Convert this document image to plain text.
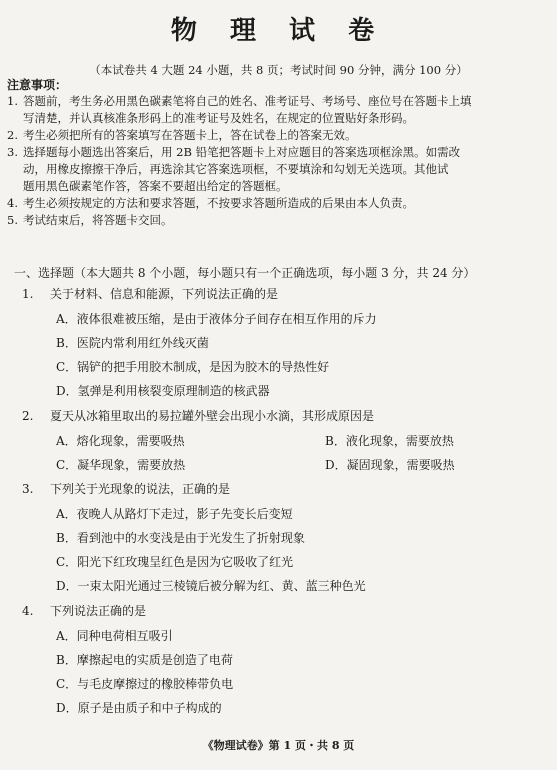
物 理 试 卷
（本试卷共 4 大题 24 小题，共 8 页；考试时间 90 分钟，满分 100 分）
注意事项：
1. 答题前，考生务必用黑色碳素笔将自己的姓名、准考证号、考场号、座位号在答题卡上填
写清楚，并认真核准条形码上的准考证号及姓名，在规定的位置贴好条形码。
2. 考生必须把所有的答案填写在答题卡上，答在试卷上的答案无效。
3. 选择题每小题选出答案后，用 2B 铅笔把答题卡上对应题目的答案选项框涂黑。如需改
动，用橡皮擦擦干净后，再选涂其它答案选项框，不要填涂和勾划无关选项。其他试
题用黑色碳素笔作答，答案不要超出给定的答题框。
4. 考生必须按规定的方法和要求答题，不按要求答题所造成的后果由本人负责。
5. 考试结束后，将答题卡交回。
一、选择题（本大题共 8 个小题，每小题只有一个正确选项，每小题 3 分，共 24 分）
1. 关于材料、信息和能源，下列说法正确的是
A．液体很难被压缩，是由于液体分子间存在相互作用的斥力
B．医院内常利用红外线灭菌
C．锅铲的把手用胶木制成，是因为胶木的导热性好
D．氢弹是利用核裂变原理制造的核武器
2. 夏天从冰箱里取出的易拉罐外壁会出现小水滴，其形成原因是
A．熔化现象，需要吸热	B．液化现象，需要放热
C．凝华现象，需要放热	D．凝固现象，需要吸热
3. 下列关于光现象的说法，正确的是
A．夜晚人从路灯下走过，影子先变长后变短
B．看到池中的水变浅是由于光发生了折射现象
C．阳光下红玫瑰呈红色是因为它吸收了红光
D．一束太阳光通过三棱镜后被分解为红、黄、蓝三种色光
4. 下列说法正确的是
A．同种电荷相互吸引
B．摩擦起电的实质是创造了电荷
C．与毛皮摩擦过的橡胶棒带负电
D．原子是由质子和中子构成的
《物理试卷》第 1 页・共 8 页
